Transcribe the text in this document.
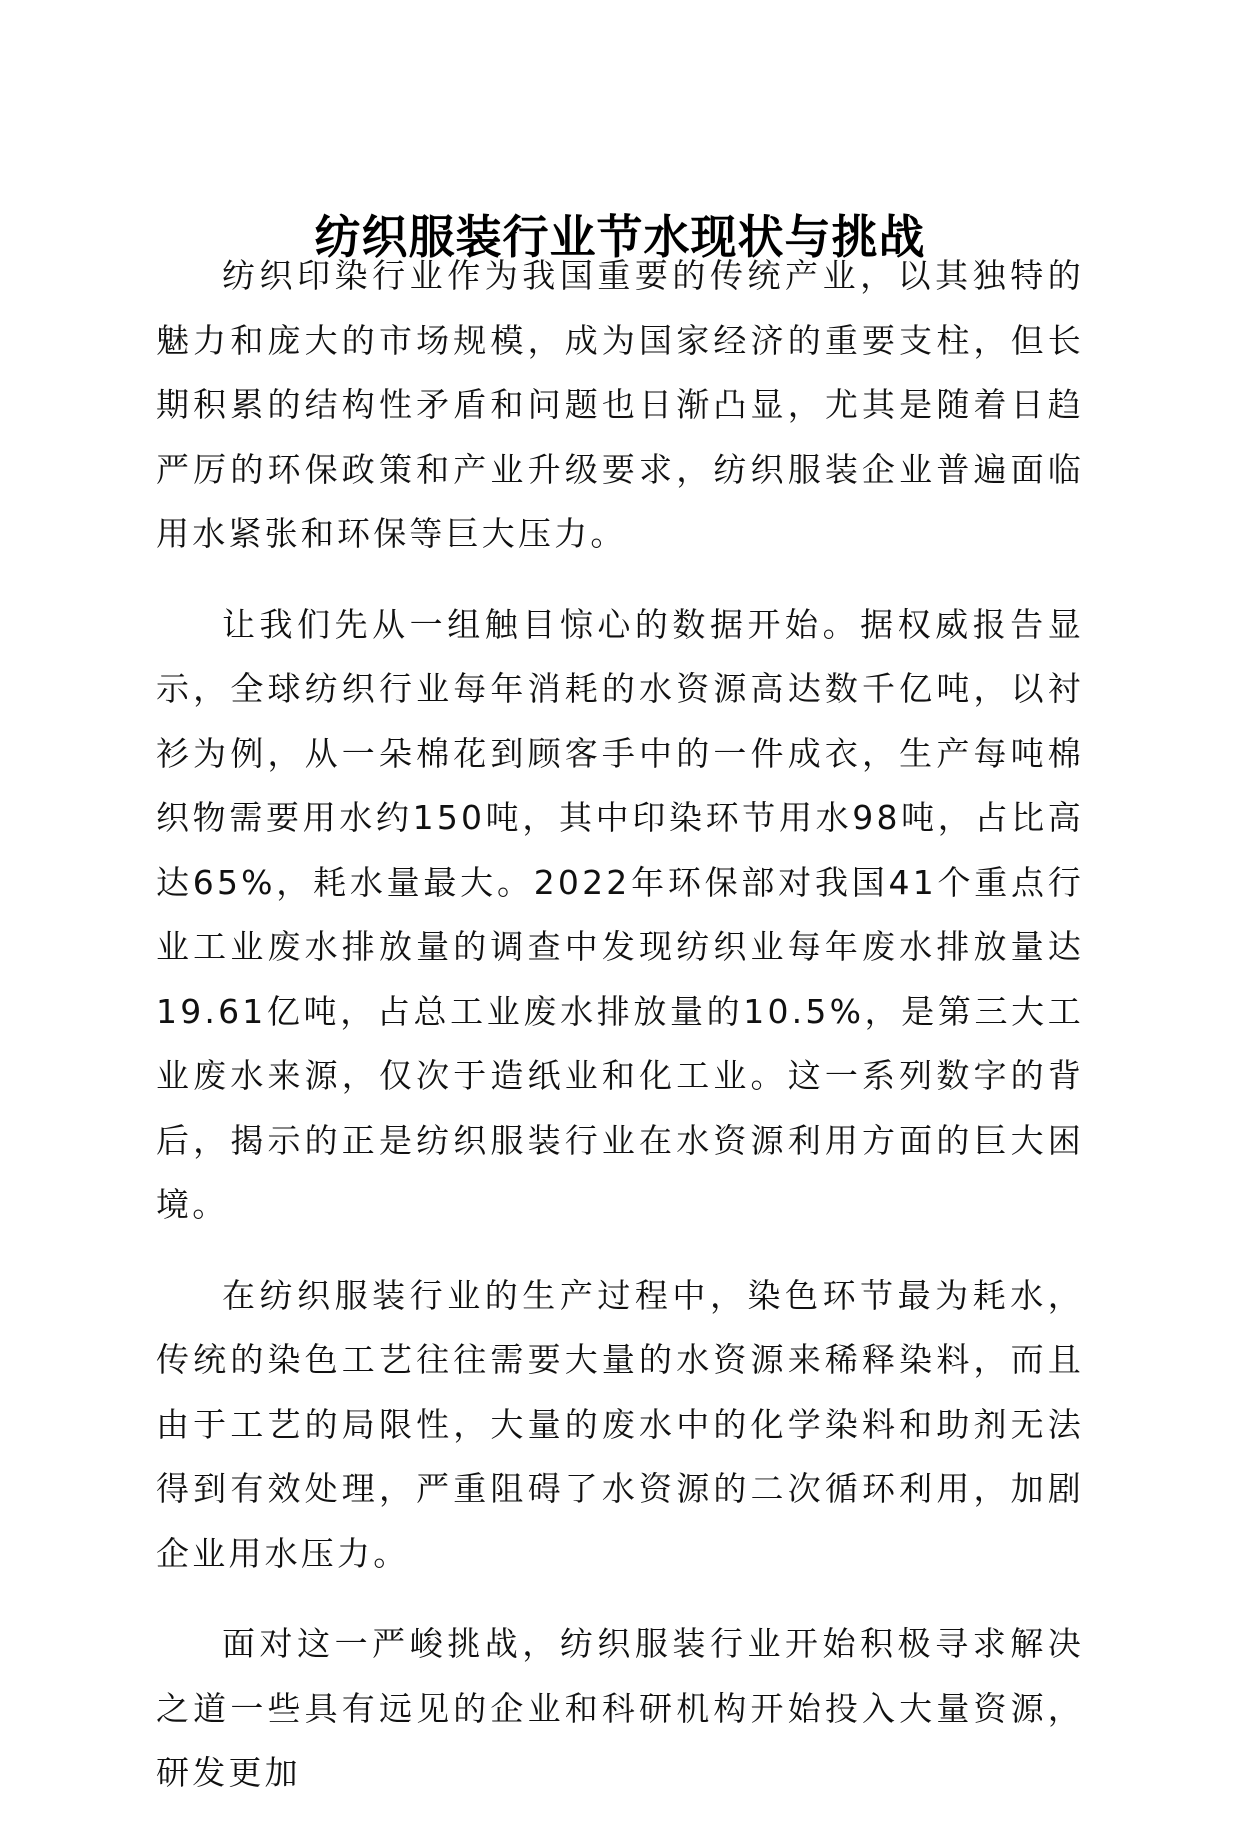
纺织服装行业节水现状与挑战

纺织印染行业作为我国重要的传统产业，以其独特的魅力和庞大的市场规模，成为国家经济的重要支柱，但长期积累的结构性矛盾和问题也日渐凸显，尤其是随着日趋严厉的环保政策和产业升级要求，纺织服装企业普遍面临用水紧张和环保等巨大压力。

让我们先从一组触目惊心的数据开始。据权威报告显示，全球纺织行业每年消耗的水资源高达数千亿吨，以衬衫为例，从一朵棉花到顾客手中的一件成衣，生产每吨棉织物需要用水约150吨，其中印染环节用水98吨，占比高达65%，耗水量最大。2022年环保部对我国41个重点行业工业废水排放量的调查中发现纺织业每年废水排放量达19.61亿吨，占总工业废水排放量的10.5%，是第三大工业废水来源，仅次于造纸业和化工业。这一系列数字的背后，揭示的正是纺织服装行业在水资源利用方面的巨大困境。

在纺织服装行业的生产过程中，染色环节最为耗水，传统的染色工艺往往需要大量的水资源来稀释染料，而且由于工艺的局限性，大量的废水中的化学染料和助剂无法得到有效处理，严重阻碍了水资源的二次循环利用，加剧企业用水压力。

面对这一严峻挑战，纺织服装行业开始积极寻求解决之道一些具有远见的企业和科研机构开始投入大量资源，研发更加
